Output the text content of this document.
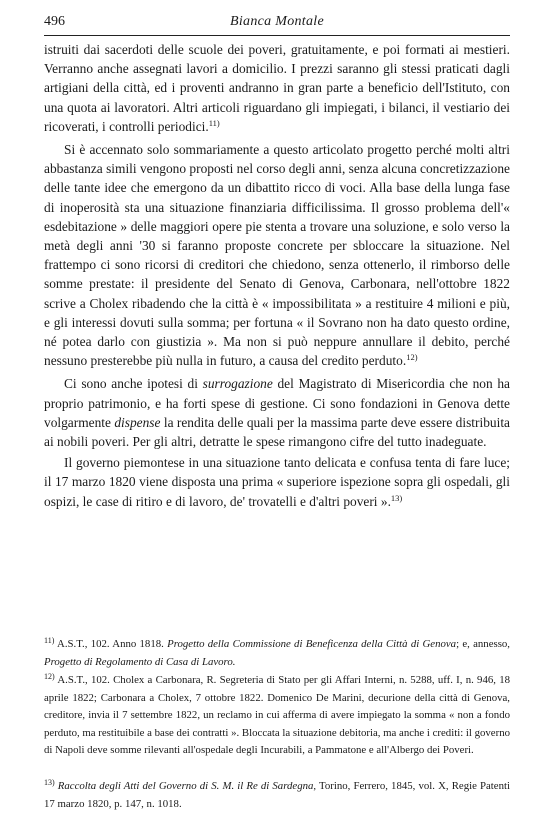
496	Bianca Montale

istruiti dai sacerdoti delle scuole dei poveri, gratuitamente, e poi formati ai mestieri. Verranno anche assegnati lavori a domicilio. I prezzi saranno gli stessi praticati dagli artigiani della città, ed i proventi andranno in gran parte a beneficio dell'Istituto, con una quota ai lavoratori. Altri articoli riguardano gli impiegati, i bilanci, il vestiario dei ricoverati, i controlli periodici.$^{11)}$

Si è accennato solo sommariamente a questo articolato progetto perché molti altri abbastanza simili vengono proposti nel corso degli anni, senza alcuna concretizzazione delle tante idee che emergono da un dibattito ricco di voci. Alla base della lunga fase di inoperosità sta una situazione finanziaria difficilissima. Il grosso problema dell'« esdebitazione » delle maggiori opere pie stenta a trovare una soluzione, e solo verso la metà degli anni '30 si faranno proposte concrete per sbloccare la situazione. Nel frattempo ci sono ricorsi di creditori che chiedono, senza ottenerlo, il rimborso delle somme prestate: il presidente del Senato di Genova, Carbonara, nell'ottobre 1822 scrive a Cholex ribadendo che la città è « impossibilitata » a restituire 4 milioni e più, e gli interessi dovuti sulla somma; per fortuna « il Sovrano non ha dato questo ordine, né potea darlo con giustizia ». Ma non si può neppure annullare il debito, perché nessuno presterebbe più nulla in futuro, a causa del credito perduto.$^{12)}$

Ci sono anche ipotesi di surrogazione del Magistrato di Misericordia che non ha proprio patrimonio, e ha forti spese di gestione. Ci sono fondazioni in Genova dette volgarmente dispense la rendita delle quali per la massima parte deve essere distribuita ai nobili poveri. Per gli altri, detratte le spese rimangono cifre del tutto inadeguate.

Il governo piemontese in una situazione tanto delicata e confusa tenta di fare luce; il 17 marzo 1820 viene disposta una prima « superiore ispezione sopra gli ospedali, gli ospizi, le case di ritiro e di lavoro, de' trovatelli e d'altri poveri ».$^{13)}$

$^{11)}$ A.S.T., 102. Anno 1818. Progetto della Commissione di Beneficenza della Città di Genova; e, annesso, Progetto di Regolamento di Casa di Lavoro.
$^{12)}$ A.S.T., 102. Cholex a Carbonara, R. Segreteria di Stato per gli Affari Interni, n. 5288, uff. I, n. 946, 18 aprile 1822; Carbonara a Cholex, 7 ottobre 1822. Domenico De Marini, decurione della città di Genova, creditore, invia il 7 settembre 1822, un reclamo in cui afferma di avere impiegato la somma « non a fondo perduto, ma restituibile a base dei contratti ». Bloccata la situazione debitoria, ma anche i crediti: il governo di Napoli deve somme rilevanti all'ospedale degli Incurabili, a Pammatone e all'Albergo dei Poveri.
$^{13)}$ Raccolta degli Atti del Governo di S. M. il Re di Sardegna, Torino, Ferrero, 1845, vol. X, Regie Patenti 17 marzo 1820, p. 147, n. 1018.
